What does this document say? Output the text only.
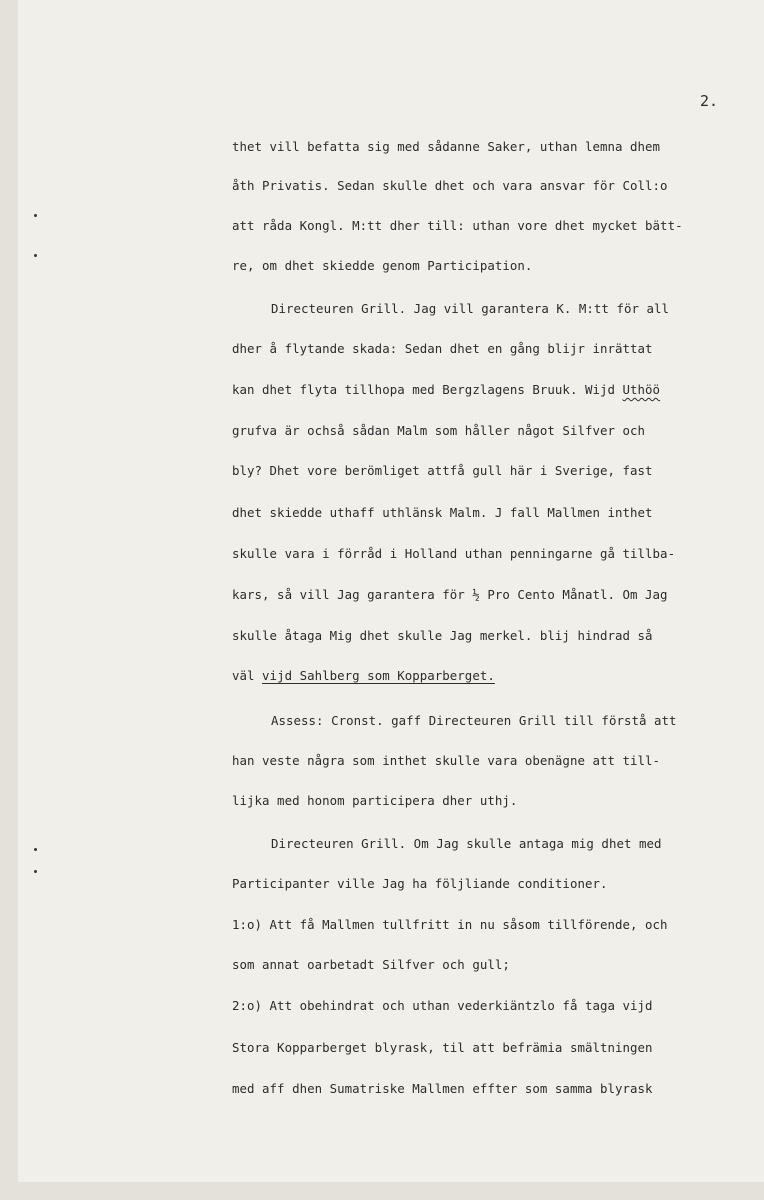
2.
thet vill befatta sig med sådanne Saker, uthan lemna dhem
åth Privatis. Sedan skulle dhet och vara ansvar för Coll:o
att råda Kongl. M:tt dher till: uthan vore dhet mycket bätt-
re, om dhet skiedde genom Participation.
Directeuren Grill. Jag vill garantera K. M:tt för all
dher å flytande skada: Sedan dhet en gång blijr inrättat
kan dhet flyta tillhopa med Bergzlagens Bruuk. Wijd Uthöö
grufva är ochså sådan Malm som håller något Silfver och
bly? Dhet vore berömliget attfå gull här i Sverige, fast
dhet skiedde uthaff uthlänsk Malm. J fall Mallmen inthet
skulle vara i förråd i Holland uthan penningarne gå tillba-
kars, så vill Jag garantera för ½ Pro Cento Månatl. Om Jag
skulle åtaga Mig dhet skulle Jag merkel. blij hindrad så
väl vijd Sahlberg som Kopparberget.
Assess: Cronst. gaff Directeuren Grill till förstå att
han veste några som inthet skulle vara obenägne att till-
lijka med honom participera dher uthj.
Directeuren Grill. Om Jag skulle antaga mig dhet med
Participanter ville Jag ha följliande conditioner.
1:o) Att få Mallmen tullfritt in nu såsom tillförende, och
som annat oarbetadt Silfver och gull;
2:o) Att obehindrat och uthan vederkiäntzlo få taga vijd
Stora Kopparberget blyrask, til att befrämia smältningen
med aff dhen Sumatriske Mallmen effter som samma blyrask
